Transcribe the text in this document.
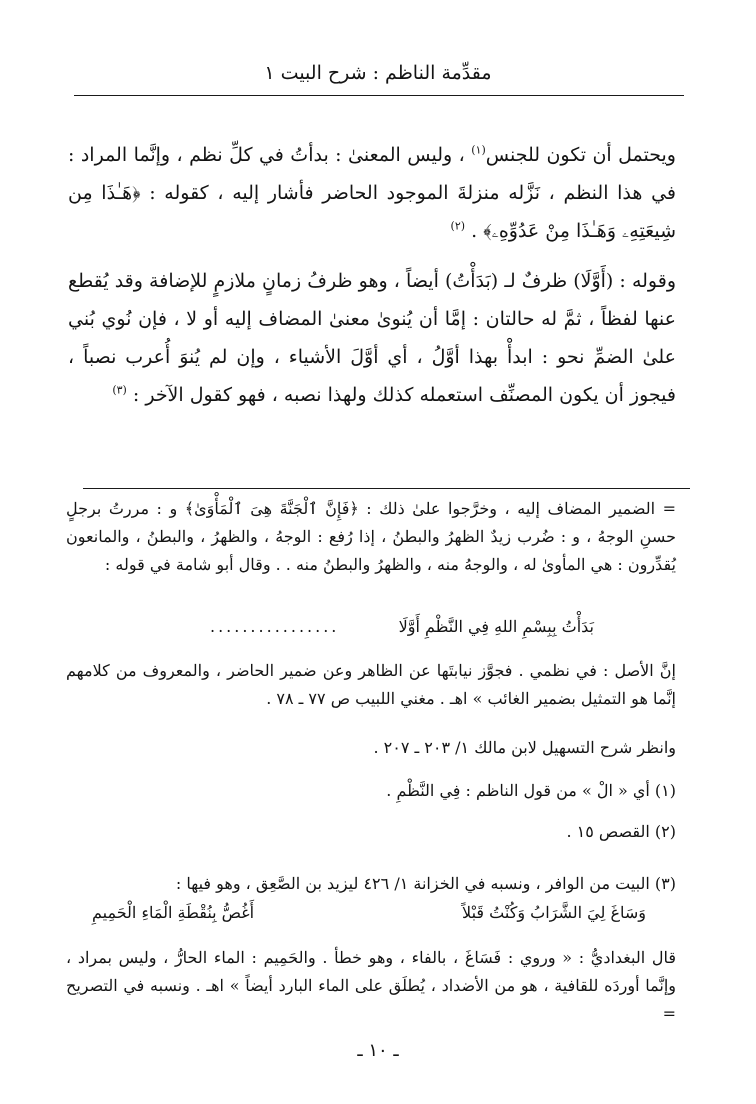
مقدِّمة الناظم : شرح البيت ١

ويحتمل أن تكون للجنس$^{(١)}$ ، وليس المعنىٰ : بدأتُ في كلِّ نظم ، وإنَّما المراد : في هذا النظم ، نَزَّله منزلةَ الموجود الحاضر فأشار إليه ، كقوله : ﴿هَـٰذَا مِن شِيعَتِهِۦ وَهَـٰذَا مِنْ عَدُوِّهِۦ﴾ . $^{(٢)}$

وقوله : (أَوَّلَا) ظرفٌ لـ (بَدَأْتُ) أيضاً ، وهو ظرفُ زمانٍ ملازمٍ للإضافة وقد يُقطع عنها لفظاً ، ثمَّ له حالتان : إمَّا أن يُنوىٰ معنىٰ المضاف إليه أو لا ، فإن نُوي بُني علىٰ الضمِّ نحو : ابدأْ بهذا أوَّلُ ، أي أوَّلَ الأشياء ، وإن لم يُنوَ أُعرب نصباً ، فيجوز أن يكون المصنِّف استعمله كذلك ولهذا نصبه ، فهو كقول الآخر : $^{(٣)}$

= الضمير المضاف إليه ، وخرَّجوا علىٰ ذلك : ﴿فَإِنَّ ٱلْجَنَّةَ هِىَ ٱلْمَأْوَىٰ﴾ و : مررتُ برجلٍ حسنِ الوجهُ ، و : ضُرب زيدٌ الظهرُ والبطنُ ، إذا رُفع : الوجهُ ، والظهرُ ، والبطنُ ، والمانعون يُقدِّرون : هي المأوىٰ له ، والوجهُ منه ، والظهرُ والبطنُ منه . . وقال أبو شامة في قوله :

بَدَأْتُ بِبِسْمِ اللهِ فِي النَّظْمِ أَوَّلَا
................

إنَّ الأصل : في نظمي . فجوَّز نيابتَها عن الظاهر وعن ضمير الحاضر ، والمعروف من كلامهم إنَّما هو التمثيل بضمير الغائب » اهـ . مغني اللبيب ص ٧٧ ـ ٧٨ .

وانظر شرح التسهيل لابن مالك ١/ ٢٠٣ ـ ٢٠٧ .

(١) أي « الْ » من قول الناظم : فِي النَّظْمِ .

(٢) القصص ١٥ .

(٣) البيت من الوافر ، ونسبه في الخزانة ١/ ٤٢٦ ليزيد بن الصَّعِق ، وهو فيها :

وَسَاغَ لِيَ الشَّرَابُ وَكُنْتُ قَبْلاً
أَغُصُّ بِنُقْطَةِ الْمَاءِ الْحَمِيمِ

قال البغداديُّ : « وروي : فَسَاغَ ، بالفاء ، وهو خطأ . والحَمِيم : الماء الحارُّ ، وليس بمراد ، وإنَّما أوردَه للقافية ، هو من الأضداد ، يُطلَق على الماء البارد أيضاً » اهـ . ونسبه في التصريح =

ـ ١٠ ـ
